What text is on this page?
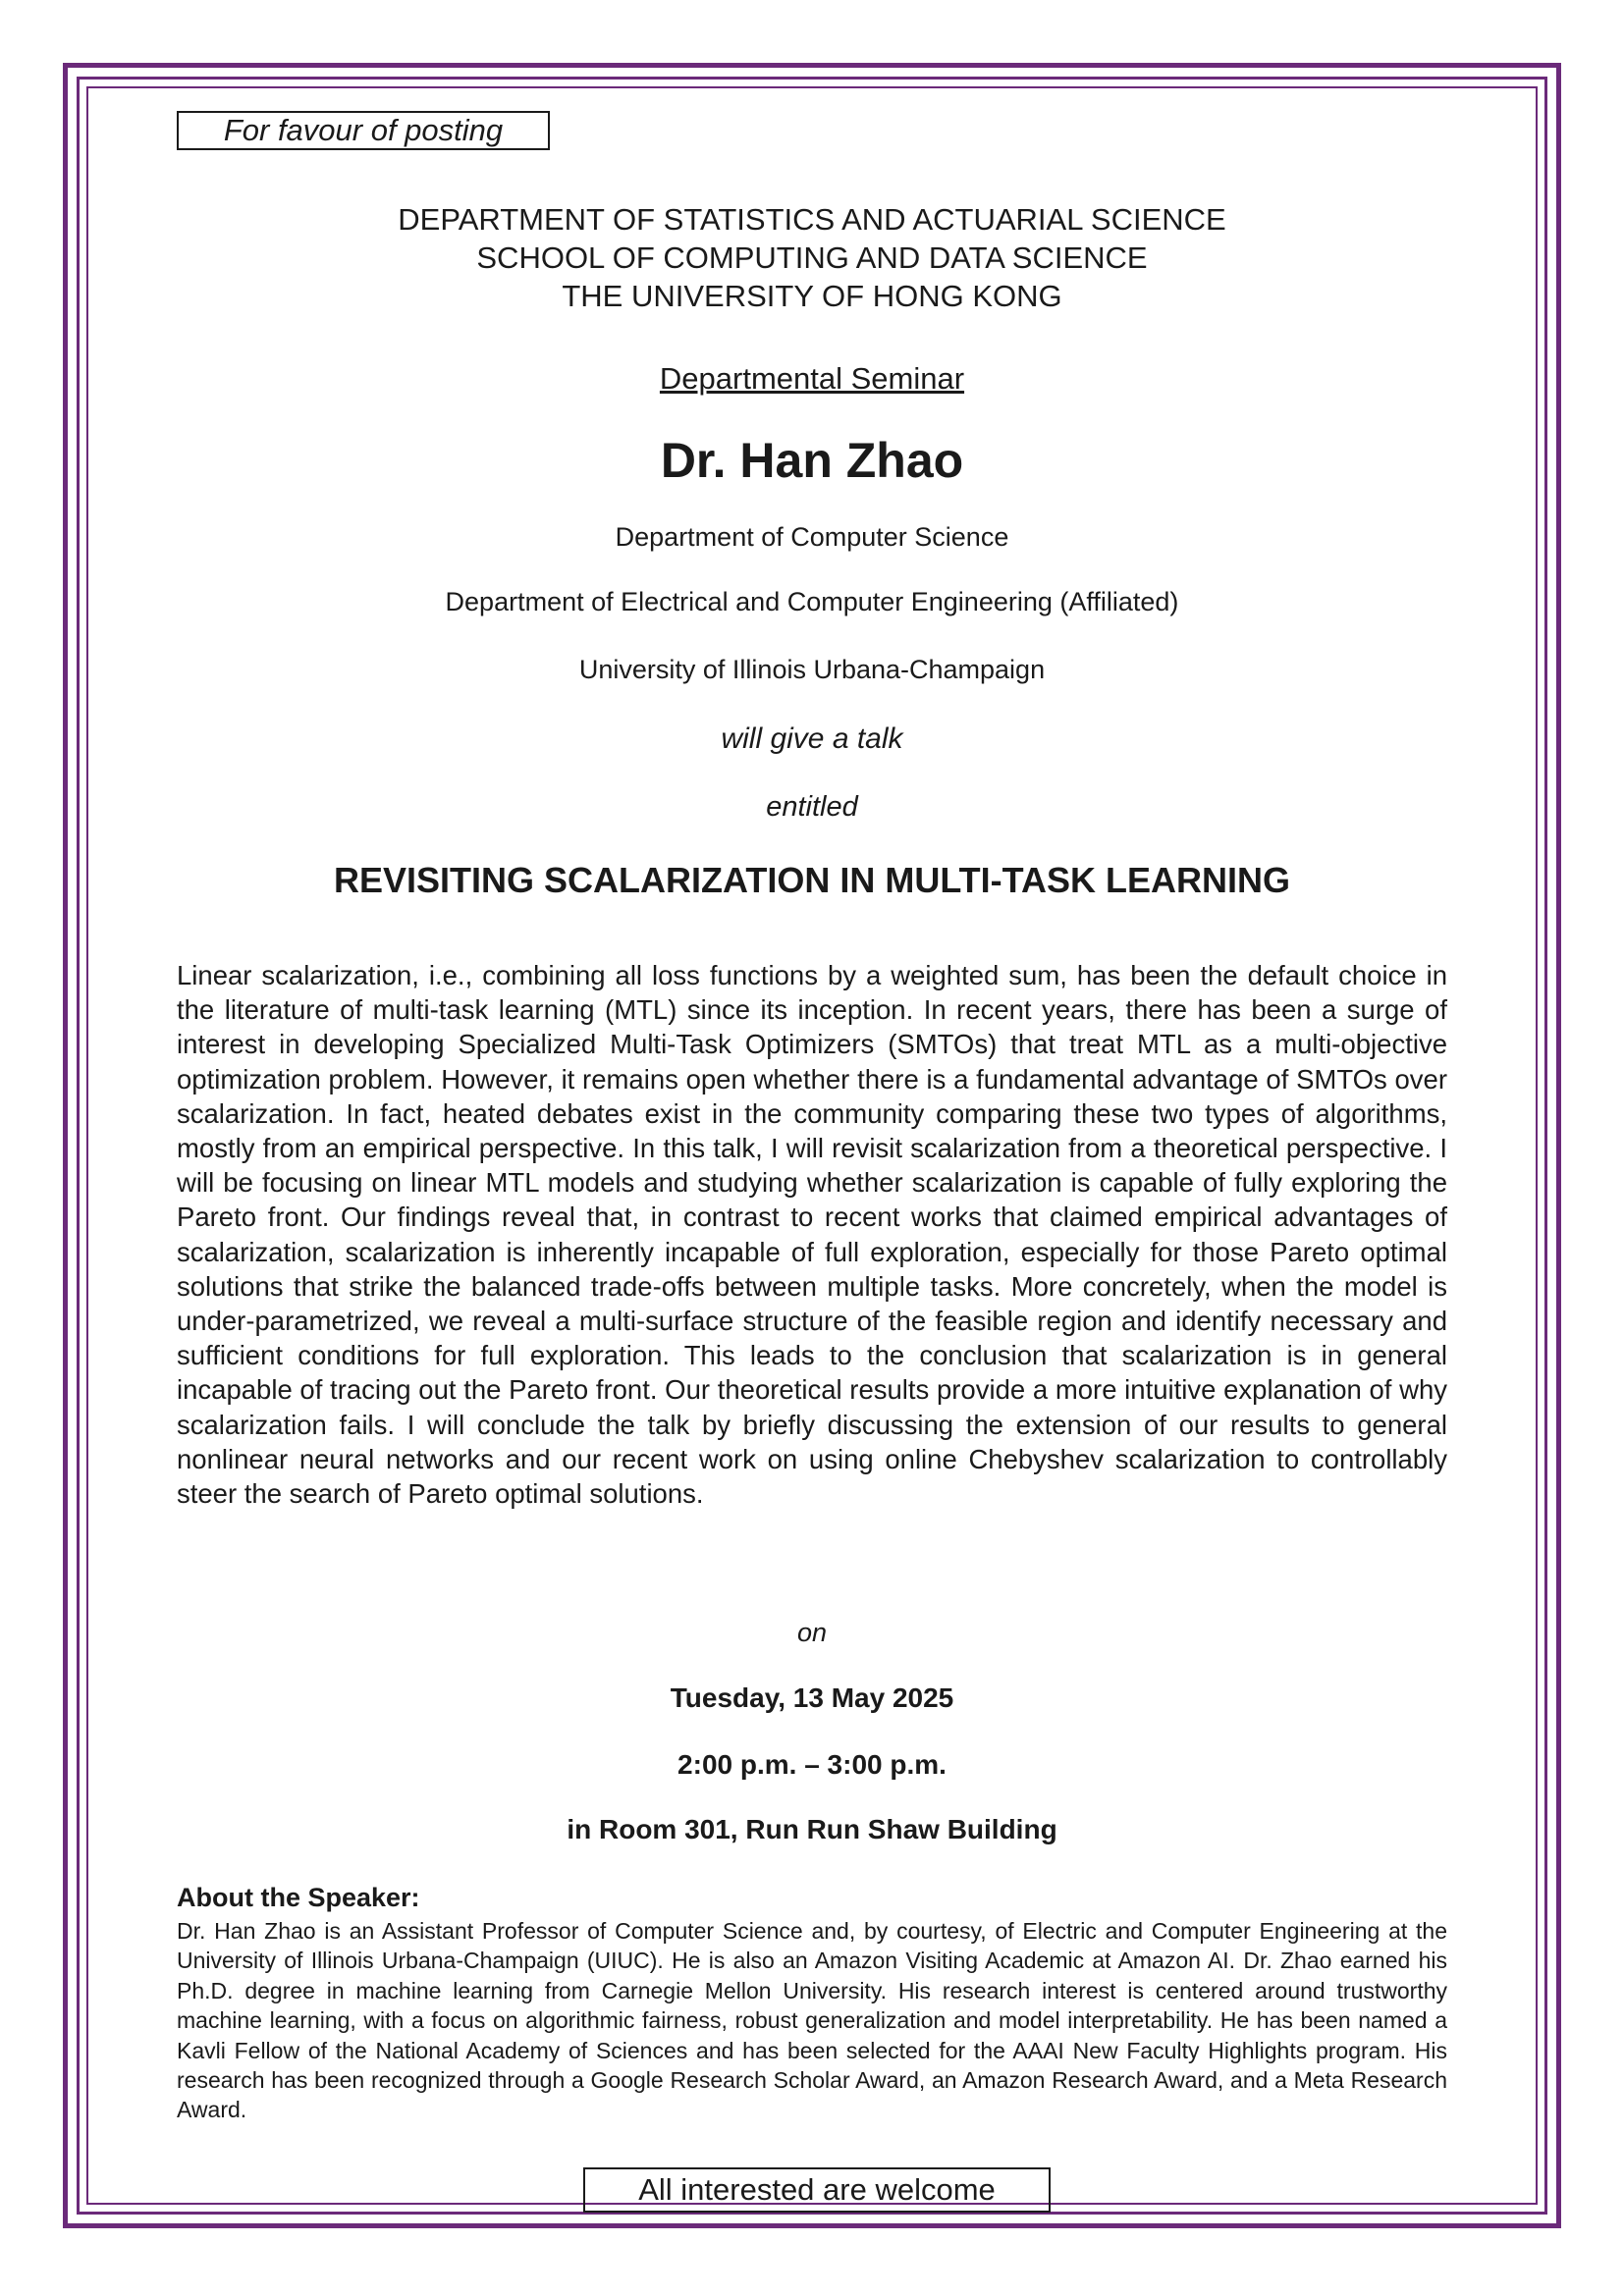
For favour of posting
DEPARTMENT OF STATISTICS AND ACTUARIAL SCIENCE
SCHOOL OF COMPUTING AND DATA SCIENCE
THE UNIVERSITY OF HONG KONG
Departmental Seminar
Dr. Han Zhao
Department of Computer Science
Department of Electrical and Computer Engineering (Affiliated)
University of Illinois Urbana-Champaign
will give a talk
entitled
REVISITING SCALARIZATION IN MULTI-TASK LEARNING
Linear scalarization, i.e., combining all loss functions by a weighted sum, has been the default choice in the literature of multi-task learning (MTL) since its inception. In recent years, there has been a surge of interest in developing Specialized Multi-Task Optimizers (SMTOs) that treat MTL as a multi-objective optimization problem. However, it remains open whether there is a fundamental advantage of SMTOs over scalarization. In fact, heated debates exist in the community comparing these two types of algorithms, mostly from an empirical perspective. In this talk, I will revisit scalarization from a theoretical perspective. I will be focusing on linear MTL models and studying whether scalarization is capable of fully exploring the Pareto front. Our findings reveal that, in contrast to recent works that claimed empirical advantages of scalarization, scalarization is inherently incapable of full exploration, especially for those Pareto optimal solutions that strike the balanced trade-offs between multiple tasks. More concretely, when the model is under-parametrized, we reveal a multi-surface structure of the feasible region and identify necessary and sufficient conditions for full exploration. This leads to the conclusion that scalarization is in general incapable of tracing out the Pareto front. Our theoretical results provide a more intuitive explanation of why scalarization fails. I will conclude the talk by briefly discussing the extension of our results to general nonlinear neural networks and our recent work on using online Chebyshev scalarization to controllably steer the search of Pareto optimal solutions.
on
Tuesday, 13 May 2025
2:00 p.m. – 3:00 p.m.
in Room 301, Run Run Shaw Building
About the Speaker:
Dr. Han Zhao is an Assistant Professor of Computer Science and, by courtesy, of Electric and Computer Engineering at the University of Illinois Urbana-Champaign (UIUC). He is also an Amazon Visiting Academic at Amazon AI. Dr. Zhao earned his Ph.D. degree in machine learning from Carnegie Mellon University. His research interest is centered around trustworthy machine learning, with a focus on algorithmic fairness, robust generalization and model interpretability. He has been named a Kavli Fellow of the National Academy of Sciences and has been selected for the AAAI New Faculty Highlights program. His research has been recognized through a Google Research Scholar Award, an Amazon Research Award, and a Meta Research Award.
All interested are welcome
